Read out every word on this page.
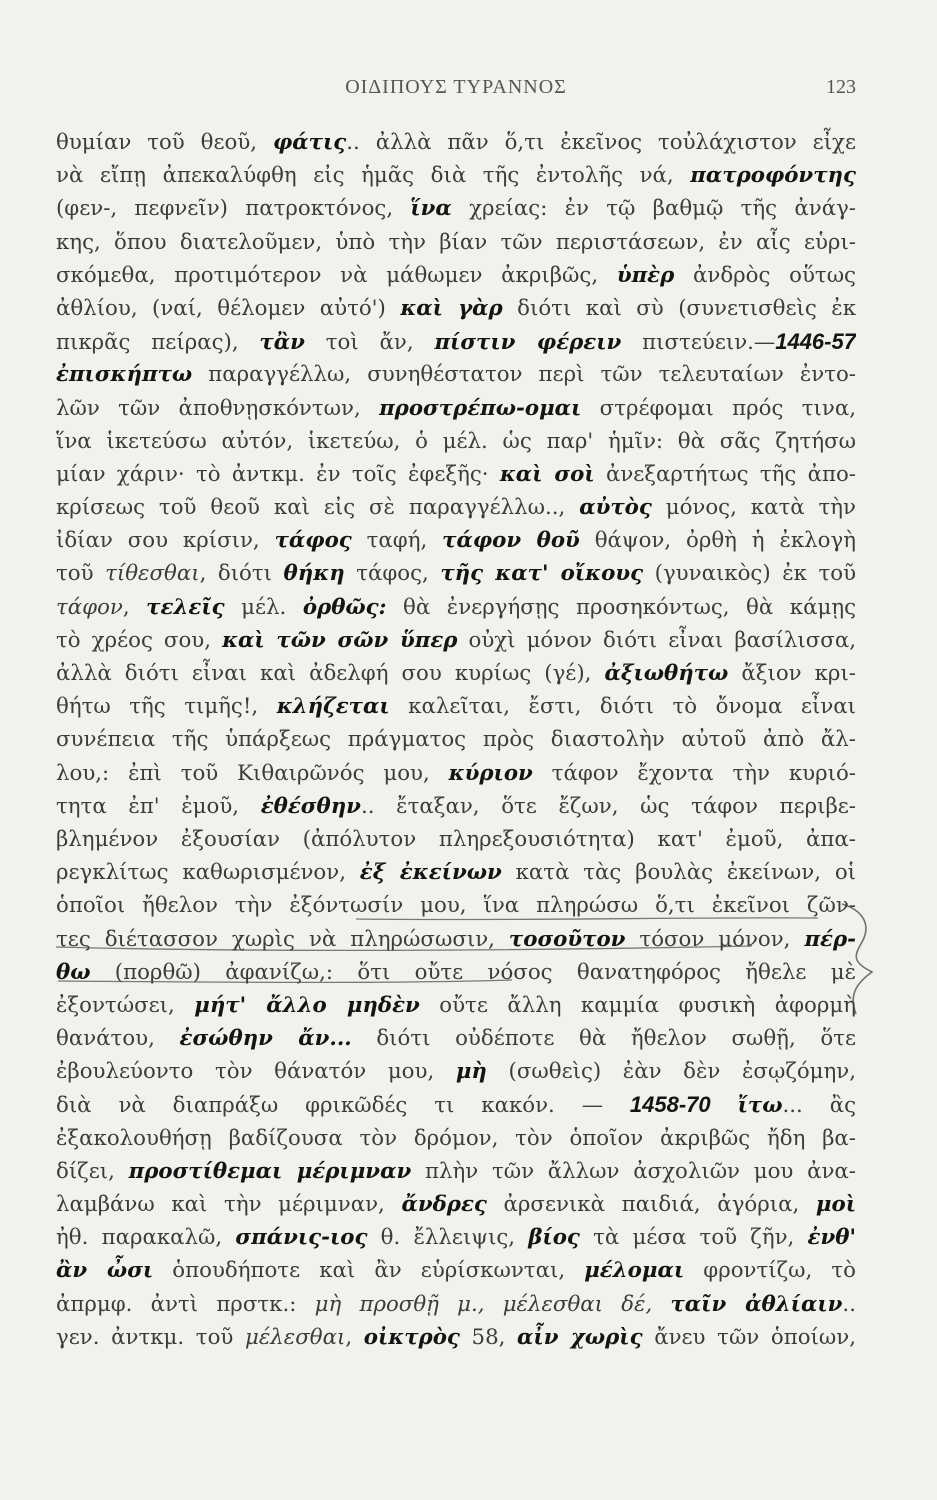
ΟΙΔΙΠΟΥΣ ΤΥΡΑΝΝΟΣ	123
θυμίαν τοῦ θεοῦ, φάτις.. ἀλλὰ πᾶν ὅ,τι ἐκεῖνος τοὐλάχιστον εἶχε
νὰ εἴπῃ ἀπεκαλύφθη εἰς ἡμᾶς διὰ τῆς ἐντολῆς νά, πατροφόντης
(φεν-, πεφνεῖν) πατροκτόνος, ἵνα χρείας: ἐν τῷ βαθμῷ τῆς ἀνάγ-
κης, ὅπου διατελοῦμεν, ὑπὸ τὴν βίαν τῶν περιστάσεων, ἐν αἷς εὑρι-
σκόμεθα, προτιμότερον νὰ μάθωμεν ἀκριβῶς, ὑπὲρ ἀνδρὸς οὕτως
ἀθλίου, (ναί, θέλομεν αὐτό') καὶ γὰρ διότι καὶ σὺ (συνετισθεὶς ἐκ
πικρᾶς πείρας), τἂν τοὶ ἄν, πίστιν φέρειν πιστεύειν.—1446-57
ἐπισκήπτω παραγγέλλω, συνηθέστατον περὶ τῶν τελευταίων ἐντο-
λῶν τῶν ἀποθνῃσκόντων, προστρέπω-ομαι στρέφομαι πρός τινα,
ἵνα ἱκετεύσω αὐτόν, ἱκετεύω, ὁ μέλ. ὡς παρ' ἡμῖν: θὰ σᾶς ζητήσω
μίαν χάριν· τὸ ἀντκμ. ἐν τοῖς ἐφεξῆς· καὶ σοὶ ἀνεξαρτήτως τῆς ἀπο-
κρίσεως τοῦ θεοῦ καὶ εἰς σὲ παραγγέλλω.., αὐτὸς μόνος, κατὰ τὴν
ἰδίαν σου κρίσιν, τάφος ταφή, τάφον θοῦ θάψον, ὀρθὴ ἡ ἐκλογὴ
τοῦ τίθεσθαι, διότι θήκη τάφος, τῆς κατ' οἴκους (γυναικὸς) ἐκ τοῦ
τάφον, τελεῖς μέλ. ὀρθῶς: θὰ ἐνεργήσῃς προσηκόντως, θὰ κάμῃς
τὸ χρέος σου, καὶ τῶν σῶν ὕπερ οὐχὶ μόνον διότι εἶναι βασίλισσα,
ἀλλὰ διότι εἶναι καὶ ἀδελφή σου κυρίως (γέ), ἀξιωθήτω ἄξιον κρι-
θήτω τῆς τιμῆς!, κλήζεται καλεῖται, ἔστι, διότι τὸ ὄνομα εἶναι
συνέπεια τῆς ὑπάρξεως πράγματος πρὸς διαστολὴν αὐτοῦ ἀπὸ ἄλ-
λου,: ἐπὶ τοῦ Κιθαιρῶνός μου, κύριον τάφον ἔχοντα τὴν κυριό-
τητα ἐπ' ἐμοῦ, ἐθέσθην.. ἔταξαν, ὅτε ἔζων, ὡς τάφον περιβε-
βλημένον ἐξουσίαν (ἀπόλυτον πληρεξουσιότητα) κατ' ἐμοῦ, ἀπα-
ρεγκλίτως καθωρισμένον, ἐξ ἐκείνων κατὰ τὰς βουλὰς ἐκείνων, οἱ
ὁποῖοι ἤθελον τὴν ἐξόντωσίν μου, ἵνα πληρώσω ὅ,τι ἐκεῖνοι ζῶν-
τες διέτασσον χωρὶς νὰ πληρώσωσιν, τοσοῦτον τόσον μόνον, πέρ-
θω (πορθῶ) ἀφανίζω,: ὅτι οὔτε νόσος θανατηφόρος ἤθελε μὲ
ἐξοντώσει, μήτ' ἄλλο μηδὲν οὔτε ἄλλη καμμία φυσικὴ ἀφορμὴ
θανάτου, ἐσώθην ἄν... διότι οὐδέποτε θὰ ἤθελον σωθῇ, ὅτε
ἐβουλεύοντο τὸν θάνατόν μου, μὴ (σωθεὶς) ἐὰν δὲν ἐσῳζόμην,
διὰ νὰ διαπράξω φρικῶδές τι κακόν. — 1458-70 ἴτω... ἂς
ἐξακολουθήσῃ βαδίζουσα τὸν δρόμον, τὸν ὁποῖον ἀκριβῶς ἤδη βα-
δίζει, προστίθεμαι μέριμναν πλὴν τῶν ἄλλων ἀσχολιῶν μου ἀνα-
λαμβάνω καὶ τὴν μέριμναν, ἄνδρες ἀρσενικὰ παιδιά, ἀγόρια, μοὶ
ἠθ. παρακαλῶ, σπάνις-ιος θ. ἔλλειψις, βίος τὰ μέσα τοῦ ζῆν, ἐνθ'
ἂν ὦσι ὁπουδήποτε καὶ ἂν εὑρίσκωνται, μέλομαι φροντίζω, τὸ
ἀπρμφ. ἀντὶ πρστκ.: μὴ προσθῇ μ., μέλεσθαι δέ, ταῖν ἀθλίαιν..
γεν. ἀντκμ. τοῦ μέλεσθαι, οἰκτρὸς 58, αἶν χωρὶς ἄνευ τῶν ὁποίων,
